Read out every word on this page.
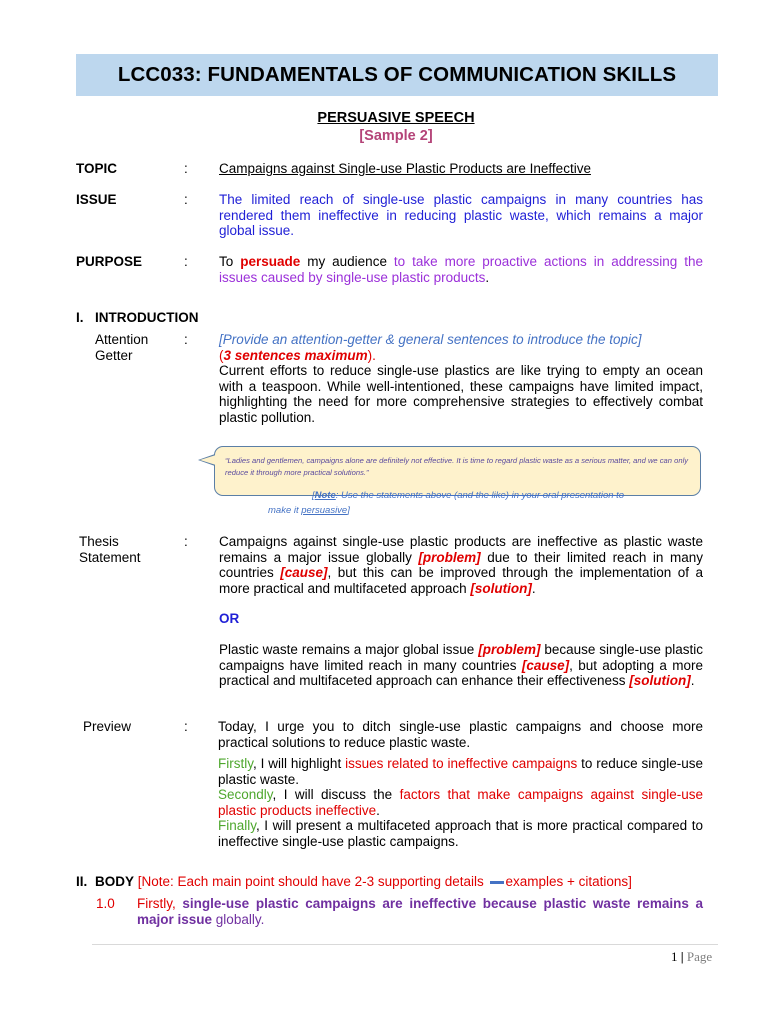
LCC033: FUNDAMENTALS OF COMMUNICATION SKILLS
PERSUASIVE SPEECH
[Sample 2]
TOPIC	: Campaigns against Single-use Plastic Products are Ineffective
ISSUE	: The limited reach of single-use plastic campaigns in many countries has rendered them ineffective in reducing plastic waste, which remains a major global issue.
PURPOSE	: To persuade my audience to take more proactive actions in addressing the issues caused by single-use plastic products.
I. INTRODUCTION
Attention
Getter
: [Provide an attention-getter & general sentences to introduce the topic]
(3 sentences maximum).
Current efforts to reduce single-use plastics are like trying to empty an ocean with a teaspoon. While well-intentioned, these campaigns have limited impact, highlighting the need for more comprehensive strategies to effectively combat plastic pollution.
“Ladies and gentlemen, campaigns alone are definitely not effective. It is time to regard plastic waste as a serious matter, and we can only reduce it through more practical solutions.”
[Note: Use the statements above (and the like) in your oral presentation to
make it persuasive]
Thesis
Statement
: Campaigns against single-use plastic products are ineffective as plastic waste remains a major issue globally [problem] due to their limited reach in many countries [cause], but this can be improved through the implementation of a more practical and multifaceted approach [solution].
OR
Plastic waste remains a major global issue [problem] because single-use plastic campaigns have limited reach in many countries [cause], but adopting a more practical and multifaceted approach can enhance their effectiveness [solution].
Preview	: Today, I urge you to ditch single-use plastic campaigns and choose more practical solutions to reduce plastic waste.
Firstly, I will highlight issues related to ineffective campaigns to reduce single-use plastic waste.
Secondly, I will discuss the factors that make campaigns against single-use plastic products ineffective.
Finally, I will present a multifaceted approach that is more practical compared to ineffective single-use plastic campaigns.
II. BODY [Note: Each main point should have 2-3 supporting details examples + citations]
1.0 Firstly, single-use plastic campaigns are ineffective because plastic waste remains a major issue globally.
1 | Page
